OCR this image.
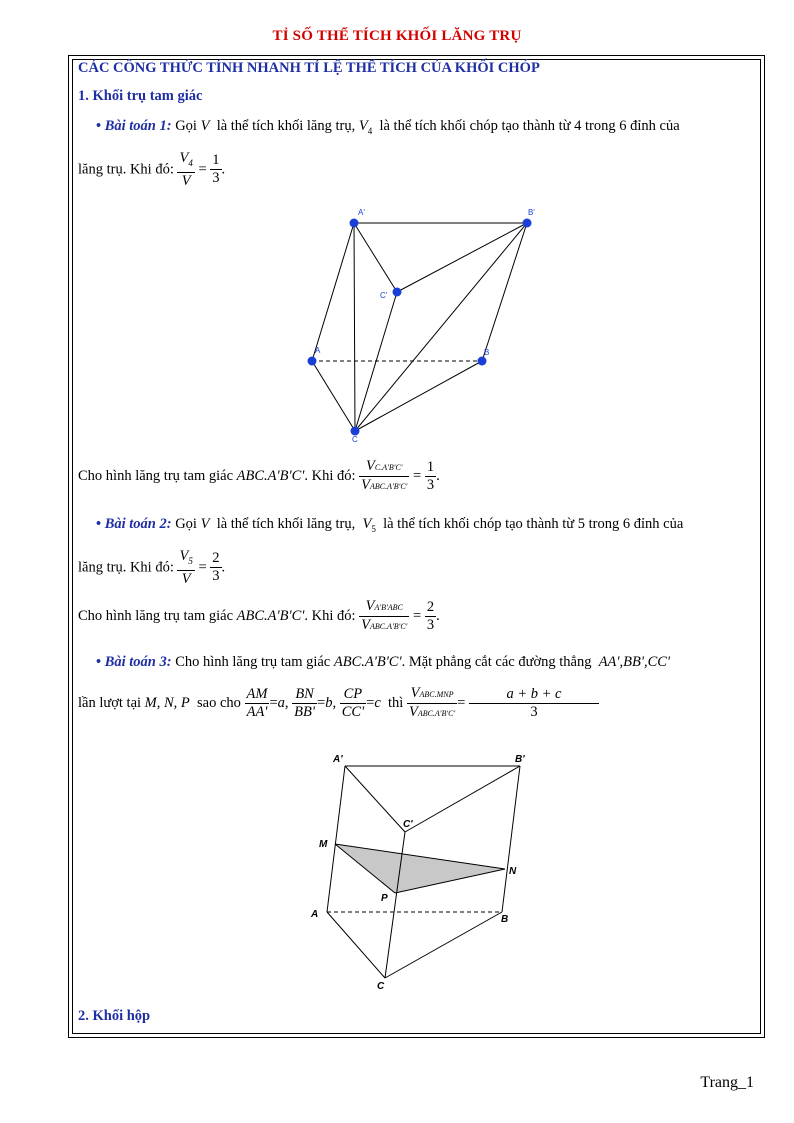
TỈ SỐ THỂ TÍCH KHỐI LĂNG TRỤ
CÁC CÔNG THỨC TÍNH NHANH TỈ LỆ THỂ TÍCH CỦA KHỐI CHÓP
1. Khối trụ tam giác
• Bài toán 1: Gọi V là thể tích khối lăng trụ, $V_4$ là thể tích khối chóp tạo thành từ 4 trong 6 đỉnh của
lăng trụ. Khi đó: $\frac{V_4}{V} = \frac{1}{3}$ .
A'	B'
C'
A	B
C
Cho hình lăng trụ tam giác ABC.A'B'C'. Khi đó: $\frac{VC.A'B'C'}{\text{VABC.A'B'C'}} = \frac{1}{3}$ .
• Bài toán 2: Gọi V là thể tích khối lăng trụ, $V_5$ là thể tích khối chóp tạo thành từ 5 trong 6 đỉnh của
lăng trụ. Khi đó: $\frac{V_5}{V} = \frac{2}{3}$ .
Cho hình lăng trụ tam giác ABC.A'B'C'. Khi đó: $\frac{\text{VA'B'ABC}}{\text{VABC.A'B'C'}} = \frac{2}{3}$ .
• Bài toán 3: Cho hình lăng trụ tam giác ABC.A'B'C'. Mặt phẳng cắt các đường thẳng AA',BB',CC'
lần lượt tại M, N, P sao cho $\frac{AM}{AA'} =a$, $\frac{BN}{BB'} =b$, $\frac{CP}{CC'} =c$ thì $\frac{\text{VABC.MNP}}{\text{VABC.A'B'C'}} = \frac{a + b + c}{3}$
A'	B'
C'
M
N
P
A	B
C
2. Khối hộp
Trang_1
